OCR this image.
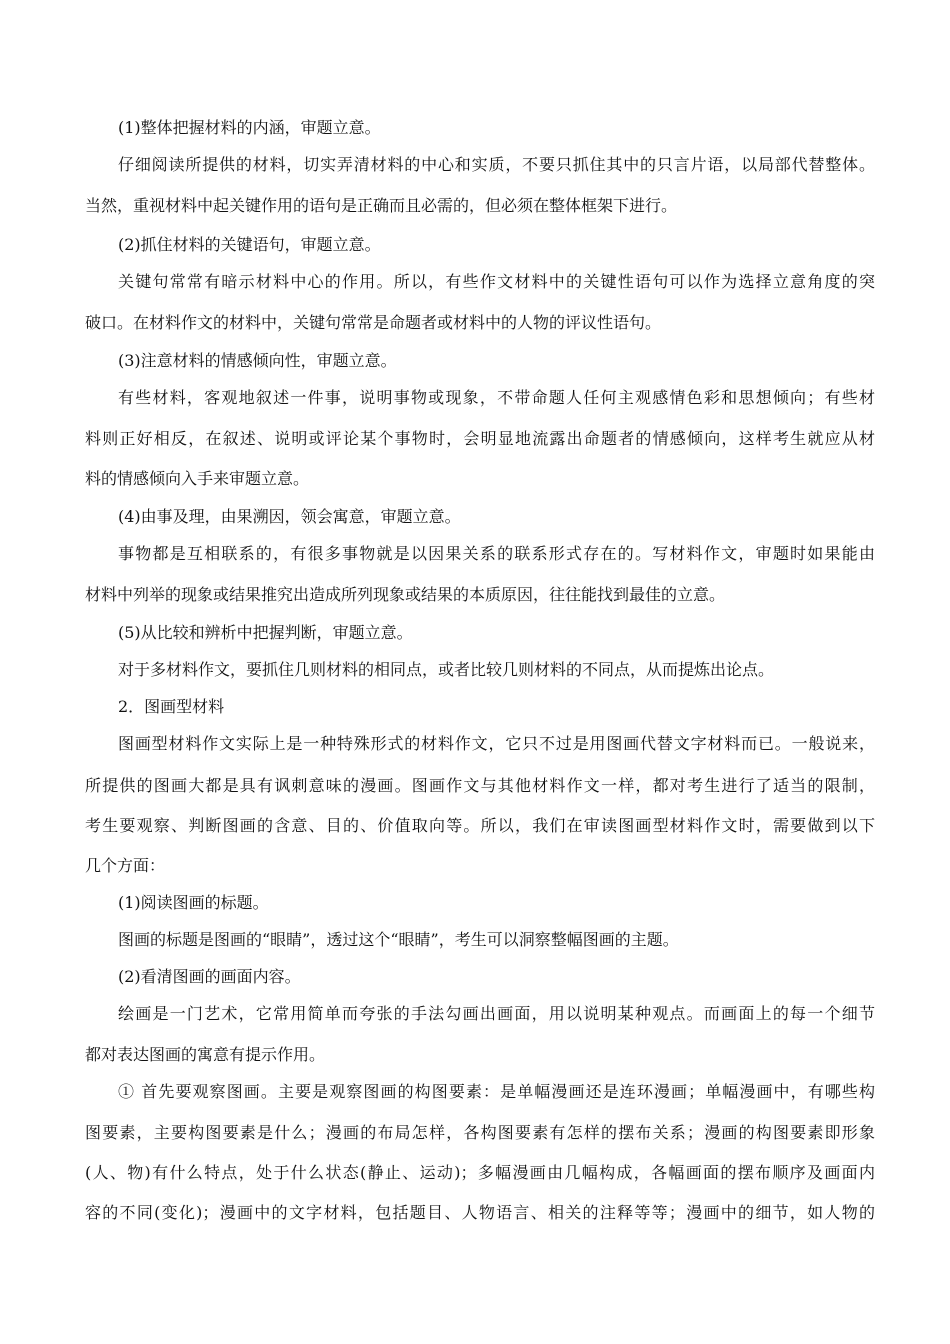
(1)整体把握材料的内涵，审题立意。
仔细阅读所提供的材料，切实弄清材料的中心和实质，不要只抓住其中的只言片语，以局部代替整体。
当然，重视材料中起关键作用的语句是正确而且必需的，但必须在整体框架下进行。
(2)抓住材料的关键语句，审题立意。
关键句常常有暗示材料中心的作用。所以，有些作文材料中的关键性语句可以作为选择立意角度的突
破口。在材料作文的材料中，关键句常常是命题者或材料中的人物的评议性语句。
(3)注意材料的情感倾向性，审题立意。
有些材料，客观地叙述一件事，说明事物或现象，不带命题人任何主观感情色彩和思想倾向；有些材
料则正好相反，在叙述、说明或评论某个事物时，会明显地流露出命题者的情感倾向，这样考生就应从材
料的情感倾向入手来审题立意。
(4)由事及理，由果溯因，领会寓意，审题立意。
事物都是互相联系的，有很多事物就是以因果关系的联系形式存在的。写材料作文，审题时如果能由
材料中列举的现象或结果推究出造成所列现象或结果的本质原因，往往能找到最佳的立意。
(5)从比较和辨析中把握判断，审题立意。
对于多材料作文，要抓住几则材料的相同点，或者比较几则材料的不同点，从而提炼出论点。
2．图画型材料
图画型材料作文实际上是一种特殊形式的材料作文，它只不过是用图画代替文字材料而已。一般说来，
所提供的图画大都是具有讽刺意味的漫画。图画作文与其他材料作文一样，都对考生进行了适当的限制，
考生要观察、判断图画的含意、目的、价值取向等。所以，我们在审读图画型材料作文时，需要做到以下
几个方面：
(1)阅读图画的标题。
图画的标题是图画的“眼睛”，透过这个“眼睛”，考生可以洞察整幅图画的主题。
(2)看清图画的画面内容。
绘画是一门艺术，它常用简单而夸张的手法勾画出画面，用以说明某种观点。而画面上的每一个细节
都对表达图画的寓意有提示作用。
① 首先要观察图画。主要是观察图画的构图要素：是单幅漫画还是连环漫画；单幅漫画中，有哪些构
图要素，主要构图要素是什么；漫画的布局怎样，各构图要素有怎样的摆布关系；漫画的构图要素即形象
(人、物)有什么特点，处于什么状态(静止、运动)；多幅漫画由几幅构成，各幅画面的摆布顺序及画面内
容的不同(变化)；漫画中的文字材料，包括题目、人物语言、相关的注释等等；漫画中的细节，如人物的
